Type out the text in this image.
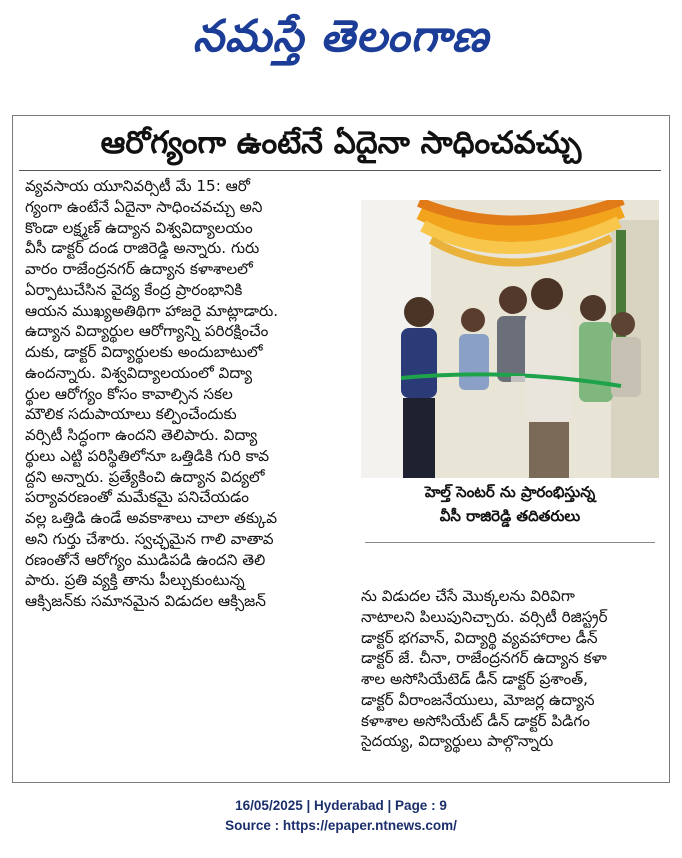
నమస్తే తెలంగాణ
ఆరోగ్యంగా ఉంటేనే ఏదైనా సాధించవచ్చు
వ్యవసాయ యూనివర్సిటీ మే 15: ఆరో
గ్యంగా ఉంటేనే ఏదైనా సాధించవచ్చు అని
కొండా లక్ష్మణ్ ఉద్యాన విశ్వవిద్యాలయం
వీసీ డాక్టర్ దండ రాజిరెడ్డి అన్నారు. గురు
వారం రాజేంద్రనగర్ ఉద్యాన కళాశాలలో
ఏర్పాటుచేసిన వైద్య కేంద్ర ప్రారంభానికి
ఆయన ముఖ్యఅతిథిగా హాజరై మాట్లాడారు.
ఉద్యాన విద్యార్థుల ఆరోగ్యాన్ని పరిరక్షించేం
దుకు, డాక్టర్ విద్యార్థులకు అందుబాటులో
ఉందన్నారు. విశ్వవిద్యాలయంలో విద్యా
ర్థుల ఆరోగ్యం కోసం కావాల్సిన సకల
మౌలిక సదుపాయాలు కల్పించేందుకు
వర్సిటీ సిద్ధంగా ఉందని తెలిపారు. విద్యా
ర్థులు ఎట్టి పరిస్థితిలోనూ ఒత్తిడికి గురి కావ
ద్దని అన్నారు. ప్రత్యేకించి ఉద్యాన విద్యలో
పర్యావరణంతో మమేకమై పనిచేయడం
వల్ల ఒత్తిడి ఉండే అవకాశాలు చాలా తక్కువ
అని గుర్తు చేశారు. స్వచ్ఛమైన గాలి వాతావ
రణంతోనే ఆరోగ్యం ముడిపడి ఉందని తెలి
పారు. ప్రతి వ్యక్తి తాను పీల్చుకుంటున్న
ఆక్సిజన్‌కు సమానమైన విడుదల ఆక్సిజన్
హెల్త్ సెంటర్ ను ప్రారంభిస్తున్న
వీసీ రాజిరెడ్డి తదితరులు
ను విడుదల చేసే మొక్కలను విరివిగా
నాటాలని పిలుపునిచ్చారు. వర్సిటీ రిజిస్ట్రర్
డాక్టర్ భగవాన్, విద్యార్థి వ్యవహారాల డీన్
డాక్టర్ జే. చీనా, రాజేంద్రనగర్ ఉద్యాన కళా
శాల అసోసియేటెడ్ డీన్ డాక్టర్ ప్రశాంత్,
డాక్టర్ వీరాంజనేయులు, మోజర్ల ఉద్యాన
కళాశాల అసోసియేట్ డీన్ డాక్టర్ పిడిగం
సైదయ్య, విద్యార్థులు పాల్గొన్నారు
16/05/2025 | Hyderabad | Page : 9
Source : https://epaper.ntnews.com/
